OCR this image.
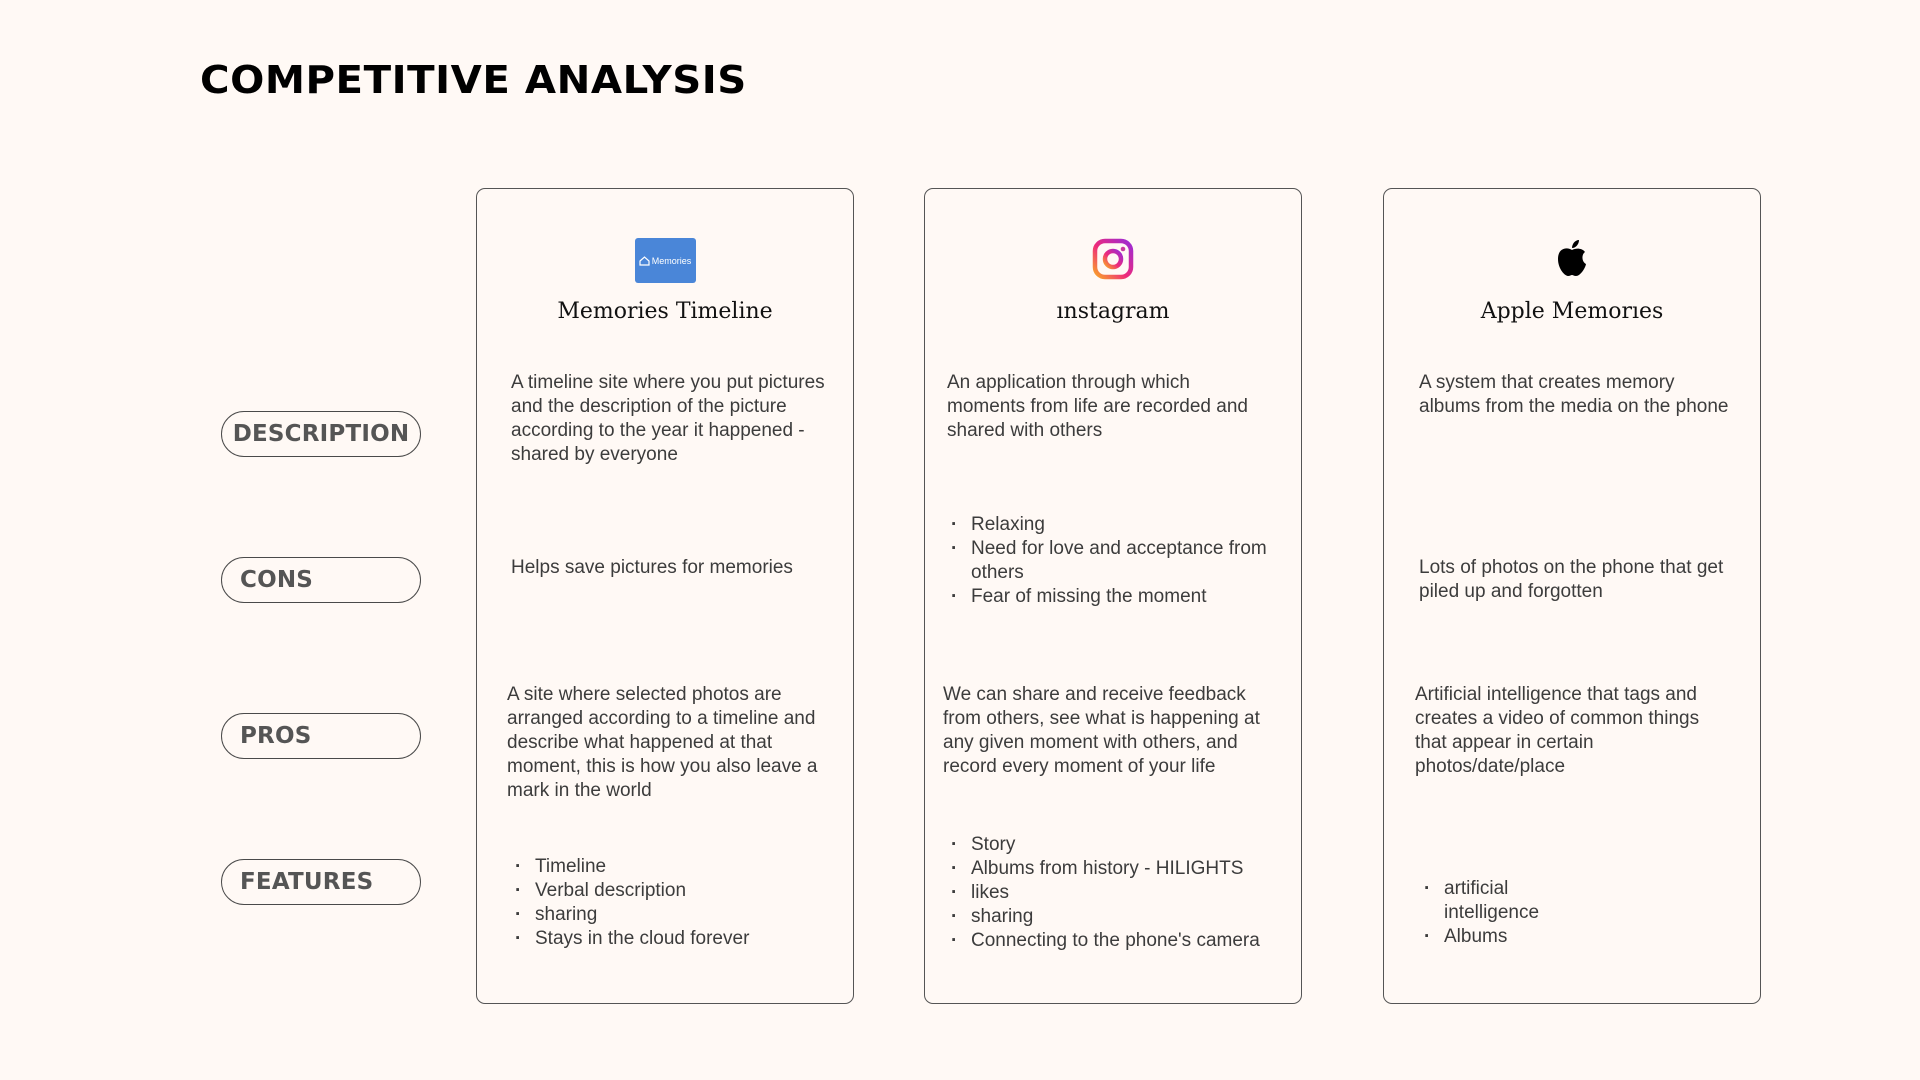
COMPETITIVE ANALYSIS
DESCRIPTION
CONS
PROS
FEATURES
Memories
Memories Timeline

A timeline site where you put pictures and the description of the picture according to the year it happened - shared by everyone

Helps save pictures for memories

A site where selected photos are arranged according to a timeline and describe what happened at that moment, this is how you also leave a mark in the world

· Timeline
· Verbal description
· sharing
· Stays in the cloud forever
ınstagram

An application through which moments from life are recorded and shared with others

· Relaxing
· Need for love and acceptance from others
· Fear of missing the moment

We can share and receive feedback from others, see what is happening at any given moment with others, and record every moment of your life

· Story
· Albums from history - HILIGHTS
· likes
· sharing
· Connecting to the phone's camera
Apple Memorıes

A system that creates memory albums from the media on the phone

Lots of photos on the phone that get piled up and forgotten

Artificial intelligence that tags and creates a video of common things that appear in certain photos/date/place

· artificial intelligence
· Albums
